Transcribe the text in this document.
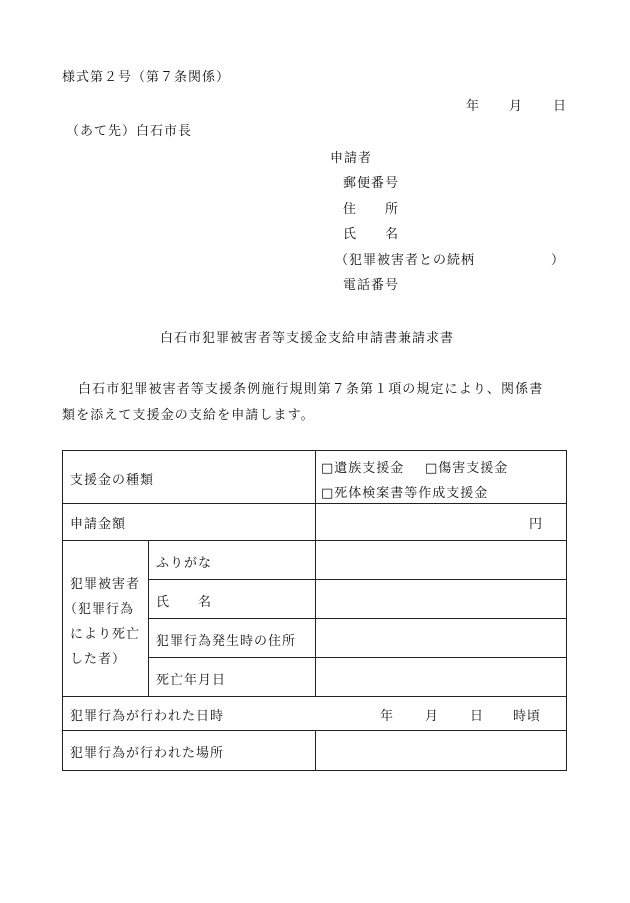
様式第２号（第７条関係）
年 月 日
（あて先）白石市長
申請者
郵便番号
住　　所
氏　　名
（犯罪被害者との続柄	）
電話番号
白石市犯罪被害者等支援金支給申請書兼請求書
白石市犯罪被害者等支援条例施行規則第７条第１項の規定により、関係書
類を添えて支援金の支給を申請します。
支援金の種類
□遺族支援金 □傷害支援金
□死体検案書等作成支援金
申請金額	円
犯罪被害者
（犯罪行為
により死亡
した者）
ふりがな
氏　　名
犯罪行為発生時の住所
死亡年月日
犯罪行為が行われた日時	年 月 日 時頃
犯罪行為が行われた場所
